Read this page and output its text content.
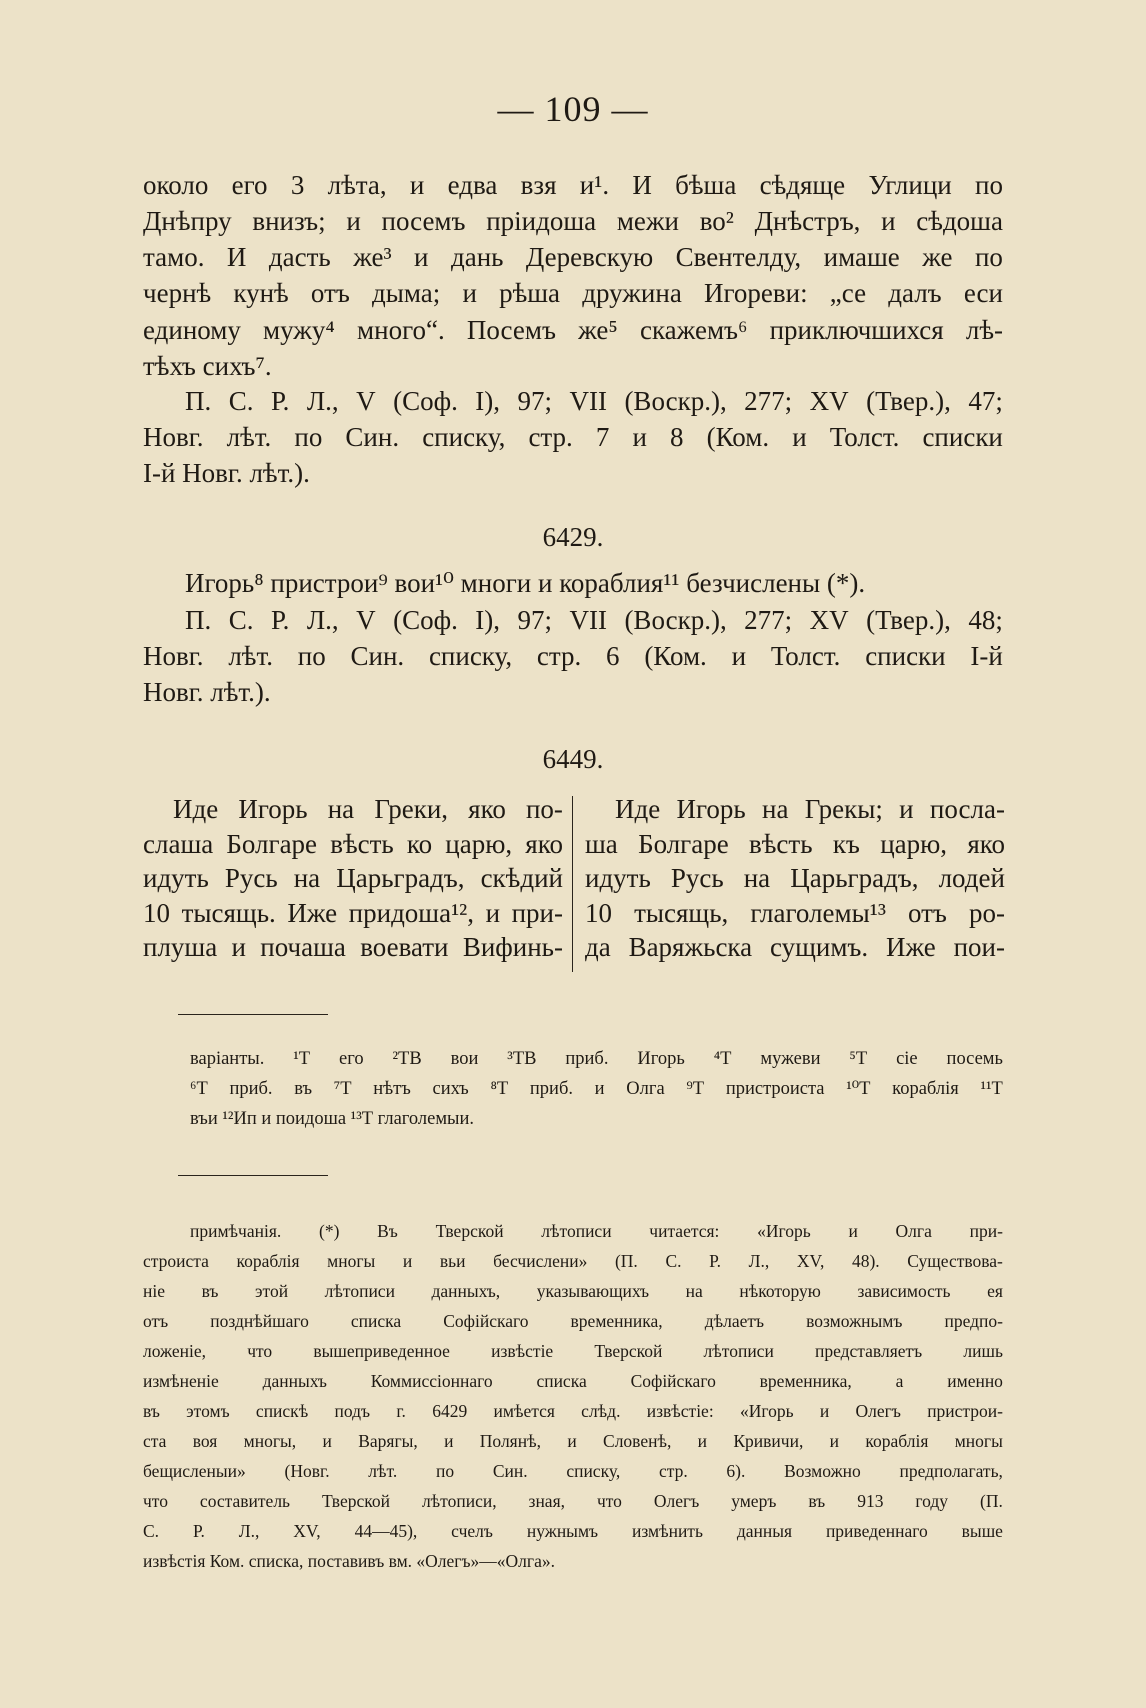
— 109 —
около его 3 лѣта, и едва взя и¹. И бѣша сѣдяще Углици по
Днѣпру внизъ; и посемъ пріидоша межи во² Днѣстръ, и сѣдоша
тамо. И дасть же³ и дань Деревскую Свентелду, имаше же по
чернѣ кунѣ отъ дыма; и рѣша дружина Игореви: „се далъ еси
единому мужу⁴ много“. Посемъ же⁵ скажемъ⁶ приключшихся лѣ-
тѣхъ сихъ⁷.
П. С. Р. Л., V (Соф. I), 97; VII (Воскр.), 277; XV (Твер.), 47;
Новг. лѣт. по Син. списку, стр. 7 и 8 (Ком. и Толст. списки
I-й Новг. лѣт.).
6429.
Игорь⁸ пристрои⁹ вои¹⁰ многи и кораблия¹¹ безчислены (*).
П. С. Р. Л., V (Соф. I), 97; VII (Воскр.), 277; XV (Твер.), 48;
Новг. лѣт. по Син. списку, стр. 6 (Ком. и Толст. списки I-й
Новг. лѣт.).
6449.
Иде Игорь на Греки, яко по-
слаша Болгаре вѣсть ко царю, яко
идуть Русь на Царьградъ, скѣдий
10 тысящь. Иже придоша¹², и при-
плуша и почаша воевати Вифинь-
Иде Игорь на Грекы; и посла-
ша Болгаре вѣсть къ царю, яко
идуть Русь на Царьградъ, лодей
10 тысящь, глаголемы¹³ отъ ро-
да Варяжьска сущимъ. Иже пои-
варіанты. ¹Т его ²ТВ вои ³ТВ приб. Игорь ⁴Т мужеви ⁵Т сіе посемь
⁶Т приб. въ ⁷Т нѣтъ сихъ ⁸Т приб. и Олга ⁹Т пристроиста ¹⁰Т кораблія ¹¹Т
въи ¹²Ип и поидоша ¹³Т глаголемыи.
примѣчанія. (*) Въ Тверской лѣтописи читается: «Игорь и Олга при-
строиста кораблія многы и вьи бесчислени» (П. С. Р. Л., XV, 48). Существова-
ніе въ этой лѣтописи данныхъ, указывающихъ на нѣкоторую зависимость ея
отъ позднѣйшаго списка Софійскаго временника, дѣлаетъ возможнымъ предпо-
ложеніе, что вышеприведенное извѣстіе Тверской лѣтописи представляетъ лишь
измѣненіе	данныхъ	Коммиссіоннаго	списка	Софійскаго	временника,	а	именно
въ этомъ спискѣ подъ г. 6429 имѣется слѣд. извѣстіе: «Игорь и Олегъ пристрои-
ста воя многы, и Варягы, и Полянѣ, и Словенѣ, и Кривичи, и кораблія многы
бещисленыи» (Новг. лѣт. по Син. списку, стр. 6). Возможно предполагать,
что составитель Тверской лѣтописи, зная, что Олегъ умеръ въ 913 году (П.
С. Р. Л., XV, 44—45), счелъ нужнымъ измѣнить данныя приведеннаго выше
извѣстія Ком. списка, поставивъ вм. «Олегъ»—«Олга».
